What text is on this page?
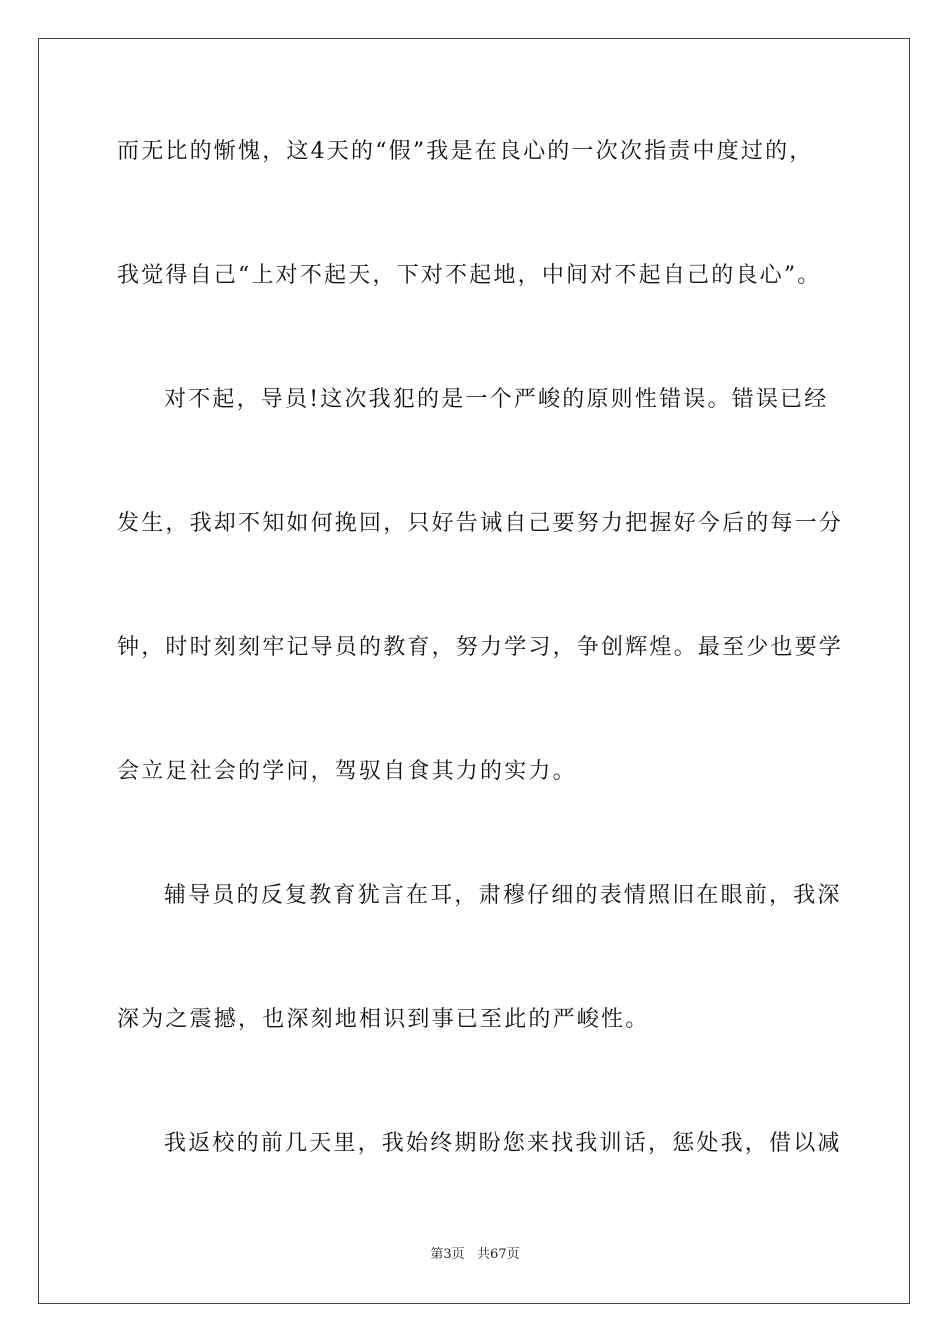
而无比的惭愧，这4天的“假”我是在良心的一次次指责中度过的，
我觉得自己“上对不起天，下对不起地，中间对不起自己的良心”。
对不起，导员!这次我犯的是一个严峻的原则性错误。错误已经
发生，我却不知如何挽回，只好告诫自己要努力把握好今后的每一分
钟，时时刻刻牢记导员的教育，努力学习，争创辉煌。最至少也要学
会立足社会的学问，驾驭自食其力的实力。
辅导员的反复教育犹言在耳，肃穆仔细的表情照旧在眼前，我深
深为之震撼，也深刻地相识到事已至此的严峻性。
我返校的前几天里，我始终期盼您来找我训话，惩处我，借以减
第3页   共67页
